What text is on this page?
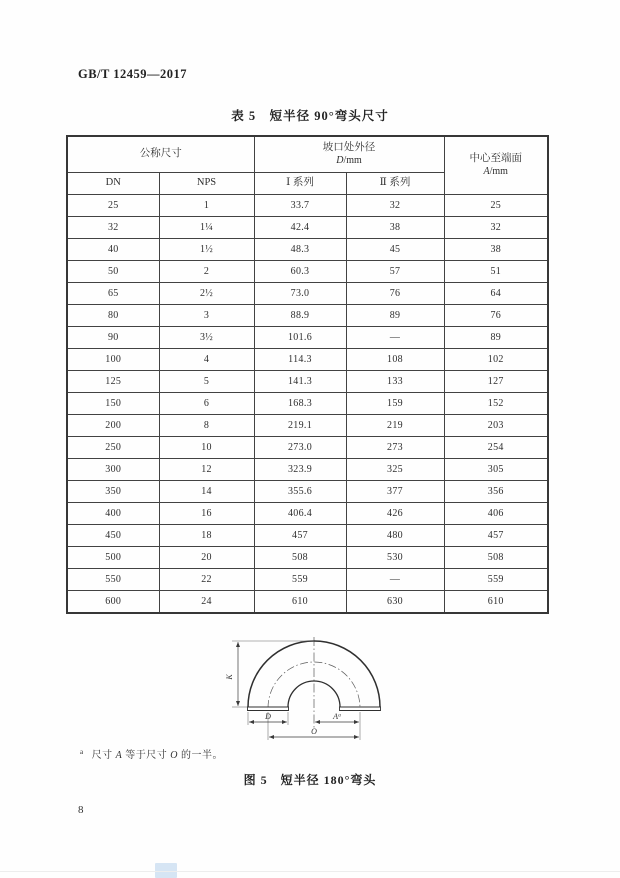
GB/T 12459—2017
表 5　短半径 90°弯头尺寸
公称尺寸		坡口处外径
D/mm		中心至端面
A/mm

DN	NPS	Ⅰ 系列	Ⅱ 系列	
25	1	33.7	32	25
32	1¼	42.4	38	32
40	1½	48.3	45	38
50	2	60.3	57	51
65	2½	73.0	76	64
80	3	88.9	89	76
90	3½	101.6	—	89
100	4	114.3	108	102
125	5	141.3	133	127
150	6	168.3	159	152
200	8	219.1	219	203
250	10	273.0	273	254
300	12	323.9	325	305
350	14	355.6	377	356
400	16	406.4	426	406
450	18	457	480	457
500	20	508	530	508
550	22	559	—	559
600	24	610	630	610
K
D	$A^a$
O
$^a$ 尺寸 A 等于尺寸 O 的一半。
图 5　短半径 180°弯头
8
